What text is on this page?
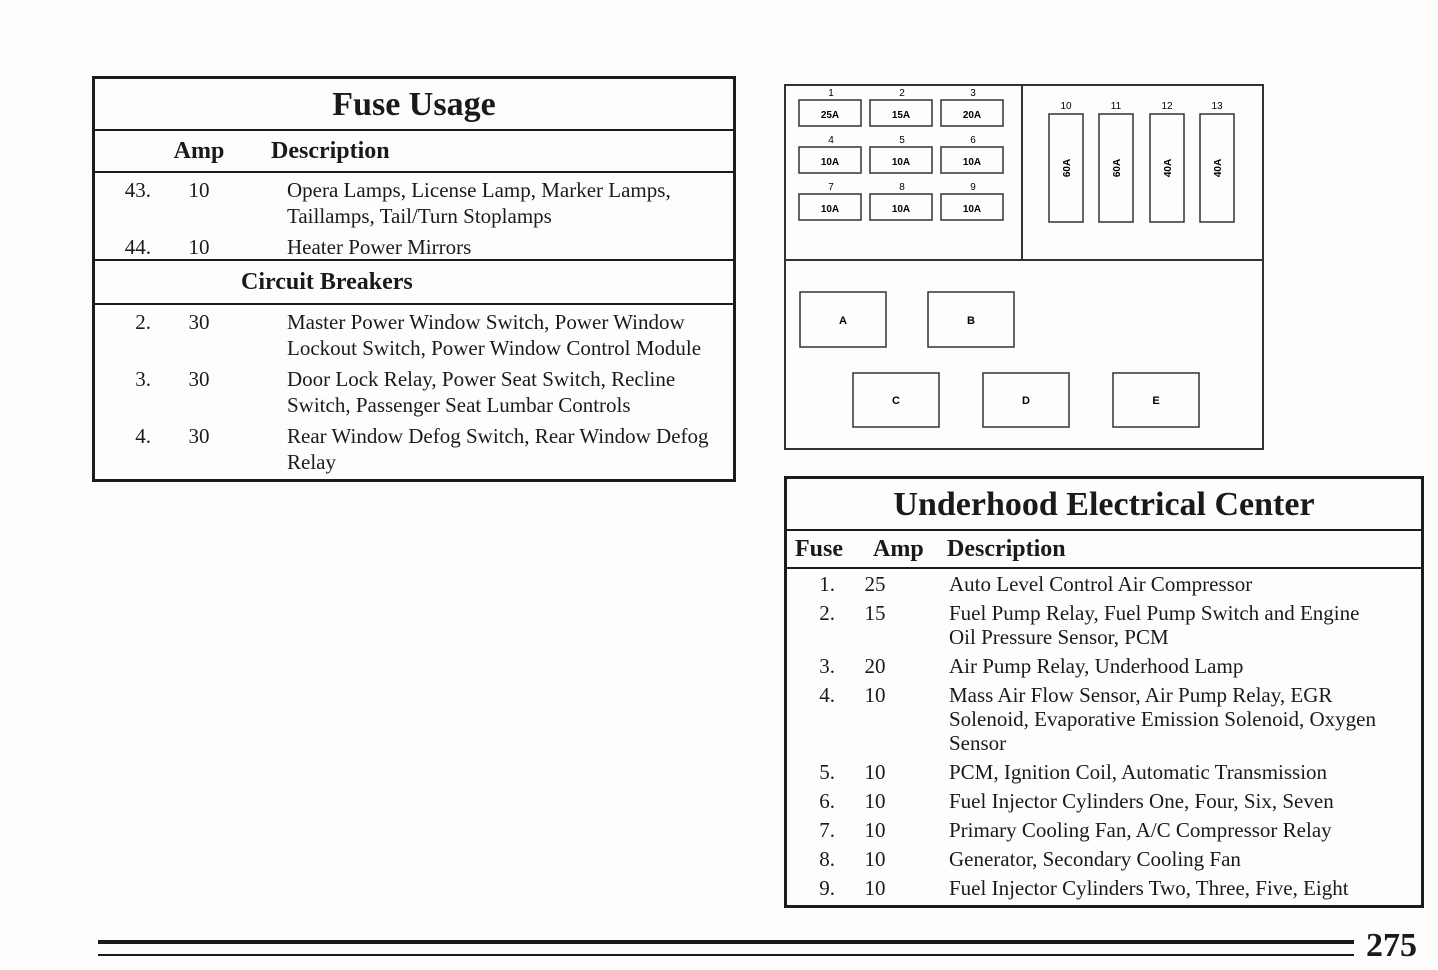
Fuse Usage
Amp	Description
43.	10	Opera Lamps, License Lamp, Marker Lamps,
Taillamps, Tail/Turn Stoplamps
44.	10	Heater Power Mirrors
Circuit Breakers
2.	30	Master Power Window Switch, Power Window
Lockout Switch, Power Window Control Module
3.	30	Door Lock Relay, Power Seat Switch, Recline
Switch, Passenger Seat Lumbar Controls
4.	30	Rear Window Defog Switch, Rear Window Defog
Relay
1
25A
2
15A
3
20A
4
10A
5
10A
6
10A
7
10A
8
10A
9
10A
10
60A
11
60A
12
40A
13
40A
A	B
C	D	E
Underhood Electrical Center
Fuse	Amp Description
1.	25	Auto Level Control Air Compressor
2.	15	Fuel Pump Relay, Fuel Pump Switch and Engine
Oil Pressure Sensor, PCM
3.	20	Air Pump Relay, Underhood Lamp
4.	10	Mass Air Flow Sensor, Air Pump Relay, EGR
Solenoid, Evaporative Emission Solenoid, Oxygen
Sensor
5.	10	PCM, Ignition Coil, Automatic Transmission
6.	10	Fuel Injector Cylinders One, Four, Six, Seven
7.	10	Primary Cooling Fan, A/C Compressor Relay
8.	10	Generator, Secondary Cooling Fan
9.	10	Fuel Injector Cylinders Two, Three, Five, Eight
275
